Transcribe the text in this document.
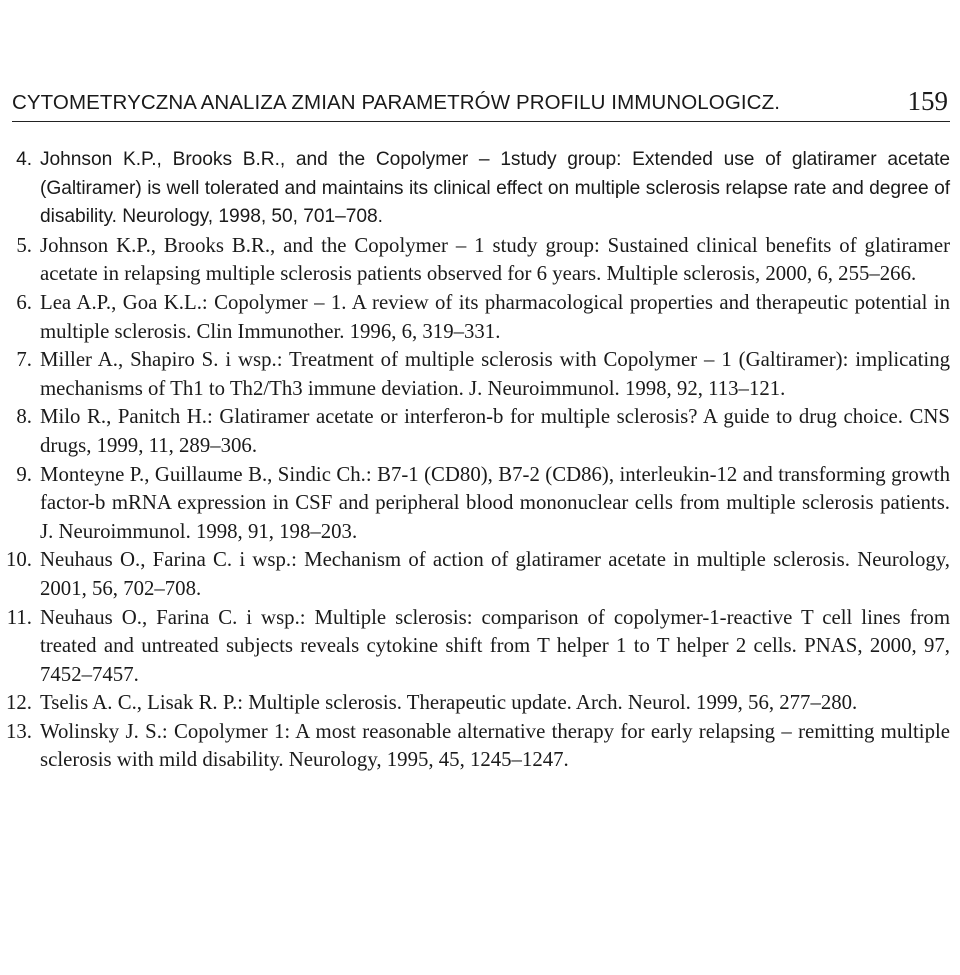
CYTOMETRYCZNA ANALIZA ZMIAN PARAMETRÓW PROFILU IMMUNOLOGICZ.	159
4. Johnson K.P., Brooks B.R., and the Copolymer – 1study group: Extended use of glatiramer acetate (Galtiramer) is well tolerated and maintains its clinical effect on multiple sclerosis relapse rate and degree of disability. Neurology, 1998, 50, 701–708.
5. Johnson K.P., Brooks B.R., and the Copolymer – 1 study group: Sustained clinical benefits of glatiramer acetate in relapsing multiple sclerosis patients observed for 6 years. Multiple sclerosis, 2000, 6, 255–266.
6. Lea A.P., Goa K.L.: Copolymer – 1. A review of its pharmacological properties and therapeutic potential in multiple sclerosis. Clin Immunother. 1996, 6, 319–331.
7. Miller A., Shapiro S. i wsp.: Treatment of multiple sclerosis with Copolymer – 1 (Galtiramer): implicating mechanisms of Th1 to Th2/Th3 immune deviation. J. Neuroimmunol. 1998, 92, 113–121.
8. Milo R., Panitch H.: Glatiramer acetate or interferon-b for multiple sclerosis? A guide to drug choice. CNS drugs, 1999, 11, 289–306.
9. Monteyne P., Guillaume B., Sindic Ch.: B7-1 (CD80), B7-2 (CD86), interleukin-12 and transforming growth factor-b mRNA expression in CSF and peripheral blood mononuclear cells from multiple sclerosis patients. J. Neuroimmunol. 1998, 91, 198–203.
10. Neuhaus O., Farina C. i wsp.: Mechanism of action of glatiramer acetate in multiple sclerosis. Neurology, 2001, 56, 702–708.
11. Neuhaus O., Farina C. i wsp.: Multiple sclerosis: comparison of copolymer-1-reactive T cell lines from treated and untreated subjects reveals cytokine shift from T helper 1 to T helper 2 cells. PNAS, 2000, 97, 7452–7457.
12. Tselis A. C., Lisak R. P.: Multiple sclerosis. Therapeutic update. Arch. Neurol. 1999, 56, 277–280.
13. Wolinsky J. S.: Copolymer 1: A most reasonable alternative therapy for early relapsing – remitting multiple sclerosis with mild disability. Neurology, 1995, 45, 1245–1247.
